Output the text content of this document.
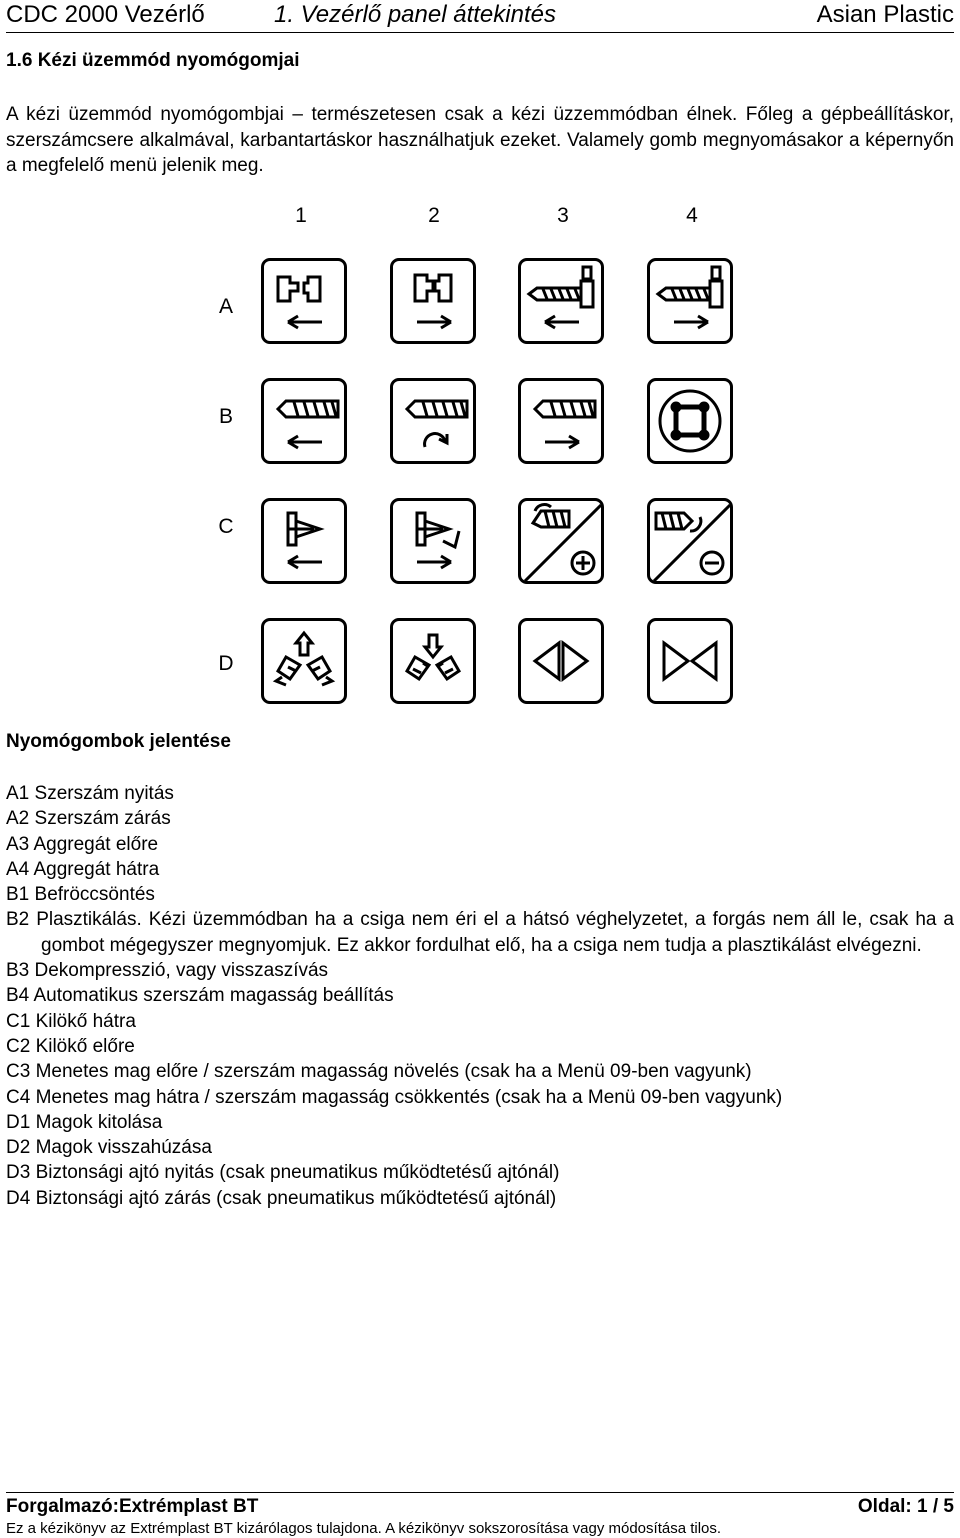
CDC 2000 Vezérlő	1. Vezérlő panel áttekintés	Asian Plastic
1.6 Kézi üzemmód nyomógomjai

A kézi üzemmód nyomógombjai – természetesen csak a kézi üzzemmódban élnek. Főleg a gépbeállításkor, szerszámcsere alkalmával, karbantartáskor használhatjuk ezeket. Valamely gomb megnyomásakor a képernyőn a megfelelő menü jelenik meg.

1	2	3	4
A
B
C
D
Nyomógombok jelentése
A1 Szerszám nyitás
A2 Szerszám zárás
A3 Aggregát előre
A4 Aggregát hátra
B1 Befröccsöntés
B2 Plasztikálás. Kézi üzemmódban ha a csiga nem éri el a hátsó véghelyzetet, a forgás nem áll le, csak ha a gombot mégegyszer megnyomjuk. Ez akkor fordulhat elő, ha a csiga nem tudja a plasztikálást elvégezni.
B3 Dekompresszió, vagy visszaszívás
B4 Automatikus szerszám magasság beállítás
C1 Kilökő hátra
C2 Kilökő előre
C3 Menetes mag előre / szerszám magasság növelés (csak ha a Menü 09-ben vagyunk)
C4 Menetes mag hátra / szerszám magasság csökkentés (csak ha a Menü 09-ben vagyunk)
D1 Magok kitolása
D2 Magok visszahúzása
D3 Biztonsági ajtó nyitás (csak pneumatikus működtetésű ajtónál)
D4 Biztonsági ajtó zárás (csak pneumatikus működtetésű ajtónál)
Forgalmazó:Extrémplast BT	Oldal: 1 / 5
Ez a kézikönyv az Extrémplast BT kizárólagos tulajdona. A kézikönyv sokszorosítása vagy módosítása tilos.
